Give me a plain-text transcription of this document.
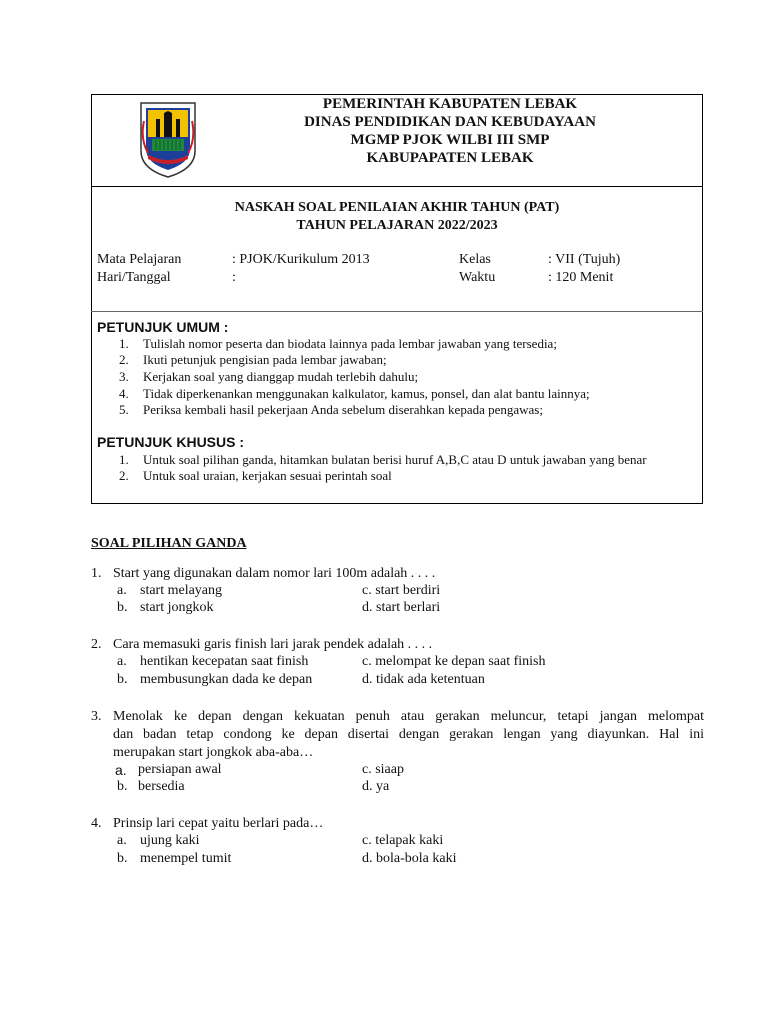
PEMERINTAH KABUPATEN LEBAK
DINAS PENDIDIKAN DAN KEBUDAYAAN
MGMP PJOK WILBI III SMP
KABUPAPATEN LEBAK
NASKAH SOAL PENILAIAN AKHIR TAHUN (PAT)
TAHUN PELAJARAN 2022/2023
Mata Pelajaran	: PJOK/Kurikulum 2013	Kelas	: VII (Tujuh)
Hari/Tanggal	:	Waktu	: 120 Menit
PETUNJUK UMUM :
1. Tulislah nomor peserta dan biodata lainnya pada lembar jawaban yang tersedia;
2. Ikuti petunjuk pengisian pada lembar jawaban;
3. Kerjakan soal yang dianggap mudah terlebih dahulu;
4. Tidak diperkenankan menggunakan kalkulator, kamus, ponsel, dan alat bantu lainnya;
5. Periksa kembali hasil pekerjaan Anda sebelum diserahkan kepada pengawas;
PETUNJUK KHUSUS :
1. Untuk soal pilihan ganda, hitamkan bulatan berisi huruf A,B,C atau D untuk jawaban yang benar
2. Untuk soal uraian, kerjakan sesuai perintah soal
SOAL PILIHAN GANDA
1. Start yang digunakan dalam nomor lari 100m adalah . . . .
a. start melayang	c. start berdiri
b. start jongkok	d. start berlari
2. Cara memasuki garis finish lari jarak pendek adalah . . . .
a. hentikan kecepatan saat finish	c. melompat ke depan saat finish
b. membusungkan dada ke depan	d. tidak ada ketentuan
3. Menolak ke depan dengan kekuatan penuh atau gerakan meluncur, tetapi jangan melompat
dan badan tetap condong ke depan disertai dengan gerakan lengan yang diayunkan. Hal ini
merupakan start jongkok aba-aba…
a. persiapan awal	c. siaap
b. bersedia	d. ya
4. Prinsip lari cepat yaitu berlari pada…
a. ujung kaki	c. telapak kaki
b. menempel tumit	d. bola-bola kaki
